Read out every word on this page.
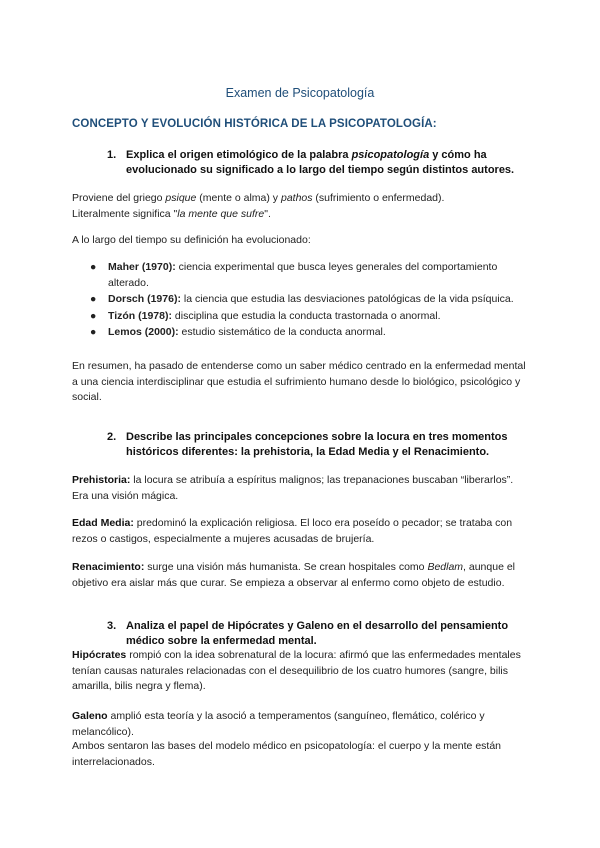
Examen de Psicopatología
CONCEPTO Y EVOLUCIÓN HISTÓRICA DE LA PSICOPATOLOGÍA:
1. Explica el origen etimológico de la palabra psicopatología y cómo ha evolucionado su significado a lo largo del tiempo según distintos autores.
Proviene del griego psique (mente o alma) y pathos (sufrimiento o enfermedad).
Literalmente significa "la mente que sufre".
A lo largo del tiempo su definición ha evolucionado:
● Maher (1970): ciencia experimental que busca leyes generales del comportamiento alterado.
● Dorsch (1976): la ciencia que estudia las desviaciones patológicas de la vida psíquica.
● Tizón (1978): disciplina que estudia la conducta trastornada o anormal.
● Lemos (2000): estudio sistemático de la conducta anormal.
En resumen, ha pasado de entenderse como un saber médico centrado en la enfermedad mental a una ciencia interdisciplinar que estudia el sufrimiento humano desde lo biológico, psicológico y social.
2. Describe las principales concepciones sobre la locura en tres momentos históricos diferentes: la prehistoria, la Edad Media y el Renacimiento.
Prehistoria: la locura se atribuía a espíritus malignos; las trepanaciones buscaban “liberarlos”. Era una visión mágica.
Edad Media: predominó la explicación religiosa. El loco era poseído o pecador; se trataba con rezos o castigos, especialmente a mujeres acusadas de brujería.
Renacimiento: surge una visión más humanista. Se crean hospitales como Bedlam, aunque el objetivo era aislar más que curar. Se empieza a observar al enfermo como objeto de estudio.
3. Analiza el papel de Hipócrates y Galeno en el desarrollo del pensamiento médico sobre la enfermedad mental.
Hipócrates rompió con la idea sobrenatural de la locura: afirmó que las enfermedades mentales tenían causas naturales relacionadas con el desequilibrio de los cuatro humores (sangre, bilis amarilla, bilis negra y flema).
Galeno amplió esta teoría y la asoció a temperamentos (sanguíneo, flemático, colérico y melancólico).
Ambos sentaron las bases del modelo médico en psicopatología: el cuerpo y la mente están interrelacionados.
